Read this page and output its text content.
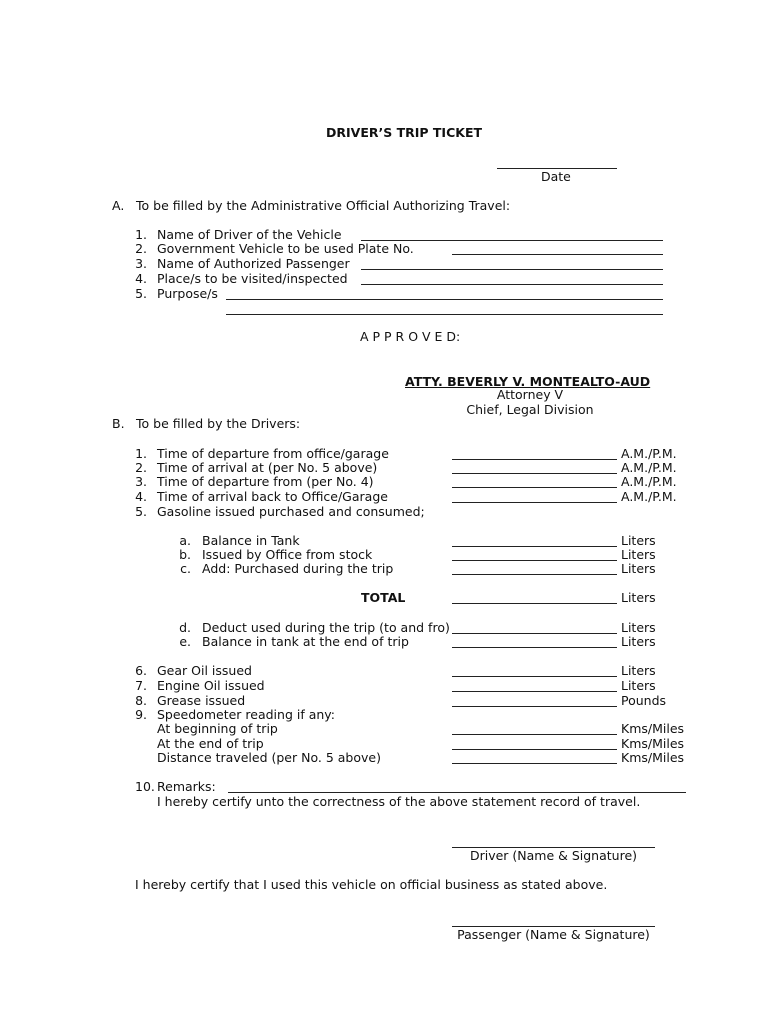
DRIVER’S TRIP TICKET
Date
A. To be filled by the Administrative Official Authorizing Travel:
1. Name of Driver of the Vehicle
2. Government Vehicle to be used Plate No.
3. Name of Authorized Passenger
4. Place/s to be visited/inspected
5. Purpose/s
A P P R O V E D:
ATTY. BEVERLY V. MONTEALTO-AUD
Attorney V
Chief, Legal Division
B. To be filled by the Drivers:
1. Time of departure from office/garage	A.M./P.M.
2. Time of arrival at (per No. 5 above)	A.M./P.M.
3. Time of departure from (per No. 4)	A.M./P.M.
4. Time of arrival back to Office/Garage	A.M./P.M.
5. Gasoline issued purchased and consumed;
a. Balance in Tank	Liters
b. Issued by Office from stock	Liters
c. Add: Purchased during the trip	Liters
TOTAL	Liters
d. Deduct used during the trip (to and fro)	Liters
e. Balance in tank at the end of trip	Liters
6. Gear Oil issued	Liters
7. Engine Oil issued	Liters
8. Grease issued	Pounds
9. Speedometer reading if any:
At beginning of trip	Kms/Miles
At the end of trip	Kms/Miles
Distance traveled (per No. 5 above)	Kms/Miles
10. Remarks:
I hereby certify unto the correctness of the above statement record of travel.
Driver (Name & Signature)
I hereby certify that I used this vehicle on official business as stated above.
Passenger (Name & Signature)
